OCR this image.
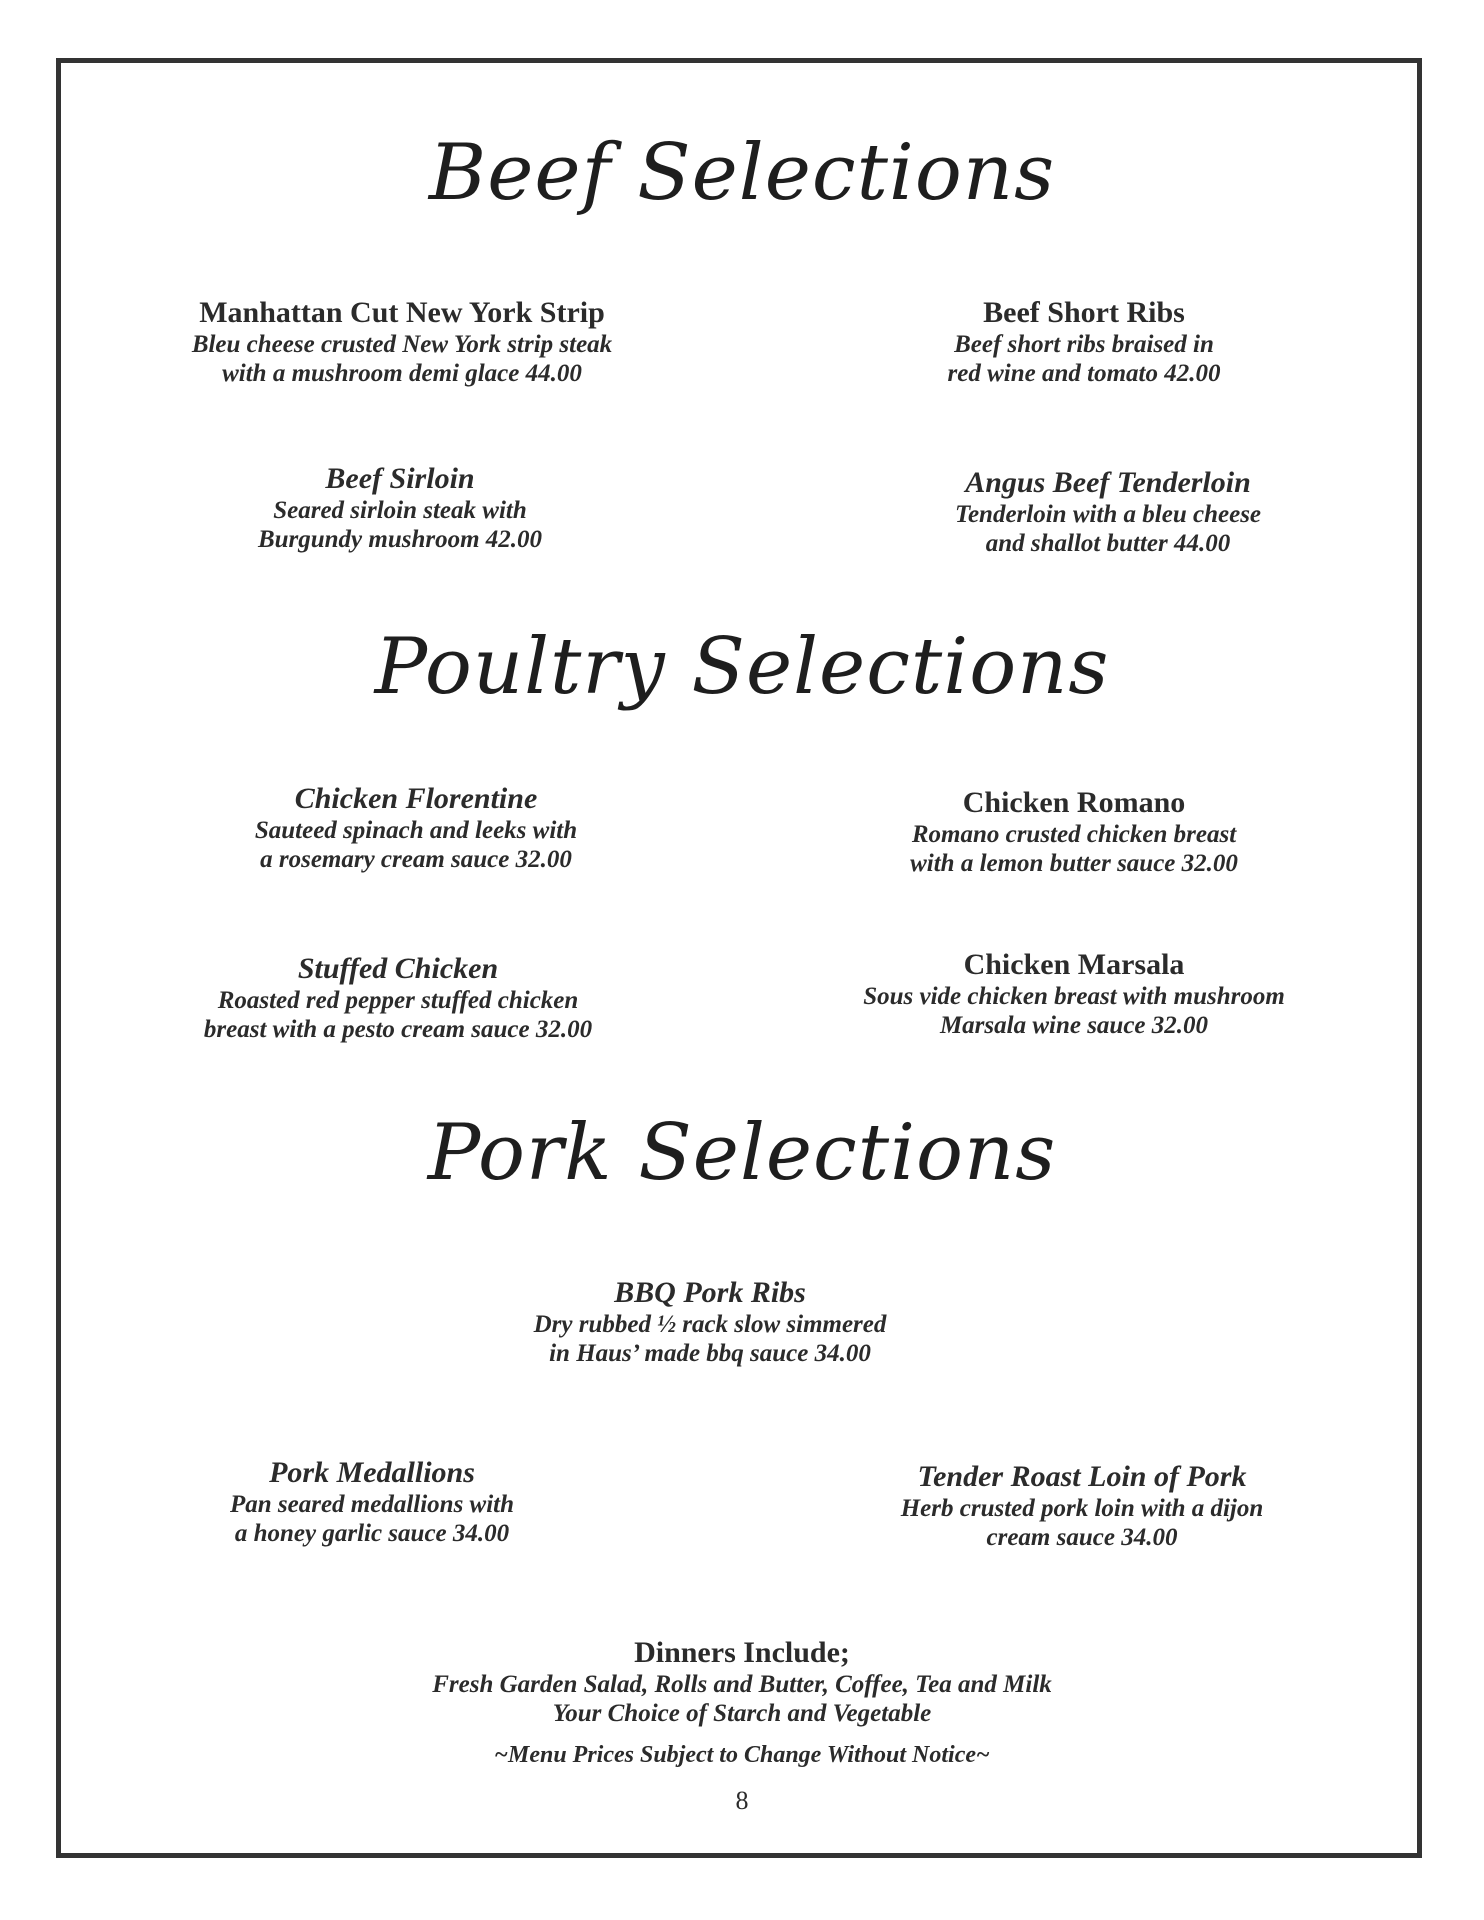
Beef Selections
Manhattan Cut New York Strip
Bleu cheese crusted New York strip steak
with a mushroom demi glace 44.00
Beef Short Ribs
Beef short ribs braised in
red wine and tomato 42.00
Beef Sirloin
Seared sirloin steak with
Burgundy mushroom 42.00
Angus Beef Tenderloin
Tenderloin with a bleu cheese
and shallot butter 44.00
Poultry Selections
Chicken Florentine
Sauteed spinach and leeks with
a rosemary cream sauce 32.00
Chicken Romano
Romano crusted chicken breast
with a lemon butter sauce 32.00
Stuffed Chicken
Roasted red pepper stuffed chicken
breast with a pesto cream sauce 32.00
Chicken Marsala
Sous vide chicken breast with mushroom
Marsala wine sauce 32.00
Pork Selections
BBQ Pork Ribs
Dry rubbed ½ rack slow simmered
in Haus’ made bbq sauce 34.00
Pork Medallions
Pan seared medallions with
a honey garlic sauce 34.00
Tender Roast Loin of Pork
Herb crusted pork loin with a dijon
cream sauce 34.00
Dinners Include;
Fresh Garden Salad, Rolls and Butter, Coffee, Tea and Milk
Your Choice of Starch and Vegetable
~Menu Prices Subject to Change Without Notice~
8
